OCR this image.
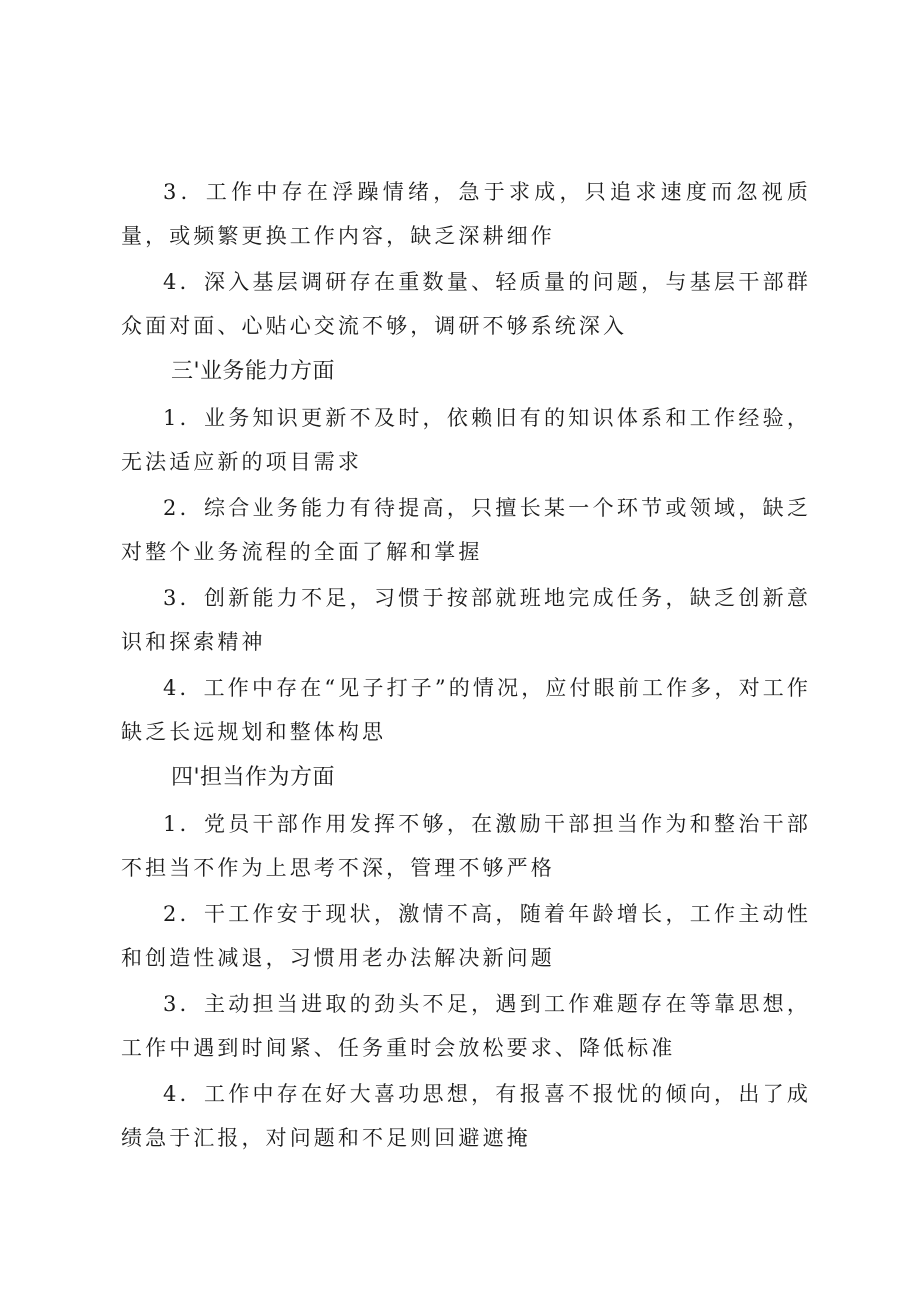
3．工作中存在浮躁情绪，急于求成，只追求速度而忽视质量，或频繁更换工作内容，缺乏深耕细作

4．深入基层调研存在重数量、轻质量的问题，与基层干部群众面对面、心贴心交流不够，调研不够系统深入

三'业务能力方面

1．业务知识更新不及时，依赖旧有的知识体系和工作经验，无法适应新的项目需求

2．综合业务能力有待提高，只擅长某一个环节或领域，缺乏对整个业务流程的全面了解和掌握

3．创新能力不足，习惯于按部就班地完成任务，缺乏创新意识和探索精神

4．工作中存在“见子打子”的情况，应付眼前工作多，对工作缺乏长远规划和整体构思

四'担当作为方面

1．党员干部作用发挥不够，在激励干部担当作为和整治干部不担当不作为上思考不深，管理不够严格

2．干工作安于现状，激情不高，随着年龄增长，工作主动性和创造性减退，习惯用老办法解决新问题

3．主动担当进取的劲头不足，遇到工作难题存在等靠思想，工作中遇到时间紧、任务重时会放松要求、降低标准

4．工作中存在好大喜功思想，有报喜不报忧的倾向，出了成绩急于汇报，对问题和不足则回避遮掩
